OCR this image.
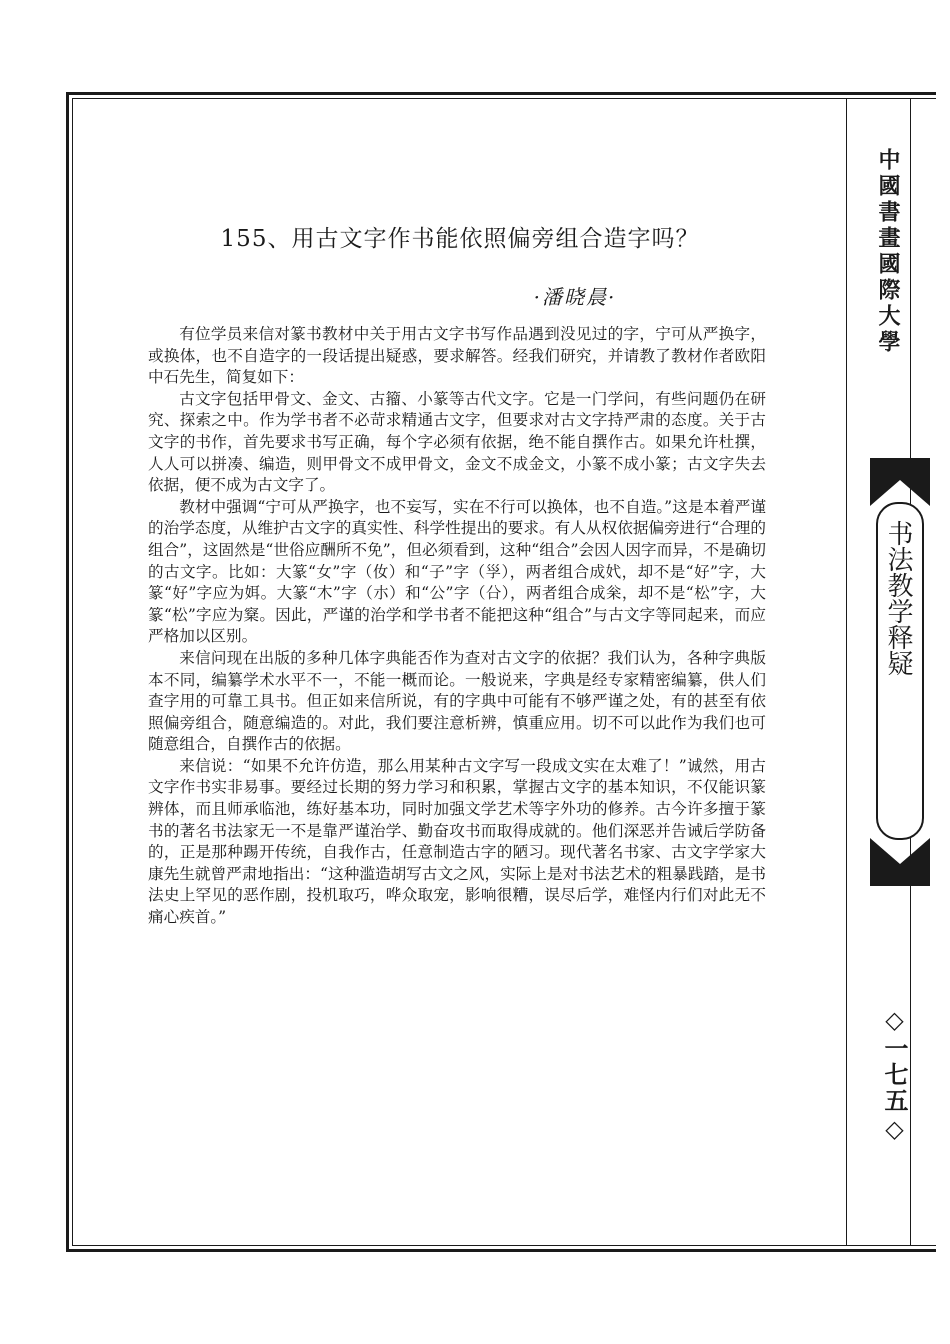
中國書畫國際大學
书法教学释疑
◇一七五◇
155、用古文字作书能依照偏旁组合造字吗？
·潘晓晨·

有位学员来信对篆书教材中关于用古文字书写作品遇到没见过的字，宁可从严换字，或换体，也不自造字的一段话提出疑惑，要求解答。经我们研究，并请教了教材作者欧阳中石先生，简复如下：

古文字包括甲骨文、金文、古籀、小篆等古代文字。它是一门学问，有些问题仍在研究、探索之中。作为学书者不必苛求精通古文字，但要求对古文字持严肃的态度。关于古文字的书作，首先要求书写正确，每个字必须有依据，绝不能自撰作古。如果允许杜撰，人人可以拼凑、编造，则甲骨文不成甲骨文，金文不成金文，小篆不成小篆；古文字失去依据，便不成为古文字了。

教材中强调“宁可从严换字，也不妄写，实在不行可以换体，也不自造。”这是本着严谨的治学态度，从维护古文字的真实性、科学性提出的要求。有人从权依据偏旁进行“合理的组合”，这固然是“世俗应酬所不免”，但必须看到，这种“组合”会因人因字而异，不是确切的古文字。比如：大篆“女”字（㚢）和“子”字（㜽），两者组合成㚤，却不是“好”字，大篆“好”字应为㛅。大篆“木”字（朩）和“公”字（㕣），两者组合成枀，却不是“松”字，大篆“松”字应为㮤。因此，严谨的治学和学书者不能把这种“组合”与古文字等同起来，而应严格加以区别。

来信问现在出版的多种几体字典能否作为查对古文字的依据？我们认为，各种字典版本不同，编纂学术水平不一，不能一概而论。一般说来，字典是经专家精密编纂，供人们查字用的可靠工具书。但正如来信所说，有的字典中可能有不够严谨之处，有的甚至有依照偏旁组合，随意编造的。对此，我们要注意析辨，慎重应用。切不可以此作为我们也可随意组合，自撰作古的依据。

来信说：“如果不允许仿造，那么用某种古文字写一段成文实在太难了！”诚然，用古文字作书实非易事。要经过长期的努力学习和积累，掌握古文字的基本知识，不仅能识篆辨体，而且师承临池，练好基本功，同时加强文学艺术等字外功的修养。古今许多擅于篆书的著名书法家无一不是靠严谨治学、勤奋攻书而取得成就的。他们深恶并告诫后学防备的，正是那种踢开传统，自我作古，任意制造古字的陋习。现代著名书家、古文字学家大康先生就曾严肃地指出：“这种滥造胡写古文之风，实际上是对书法艺术的粗暴践踏，是书法史上罕见的恶作剧，投机取巧，哗众取宠，影响很糟，误尽后学，难怪内行们对此无不痛心疾首。”
